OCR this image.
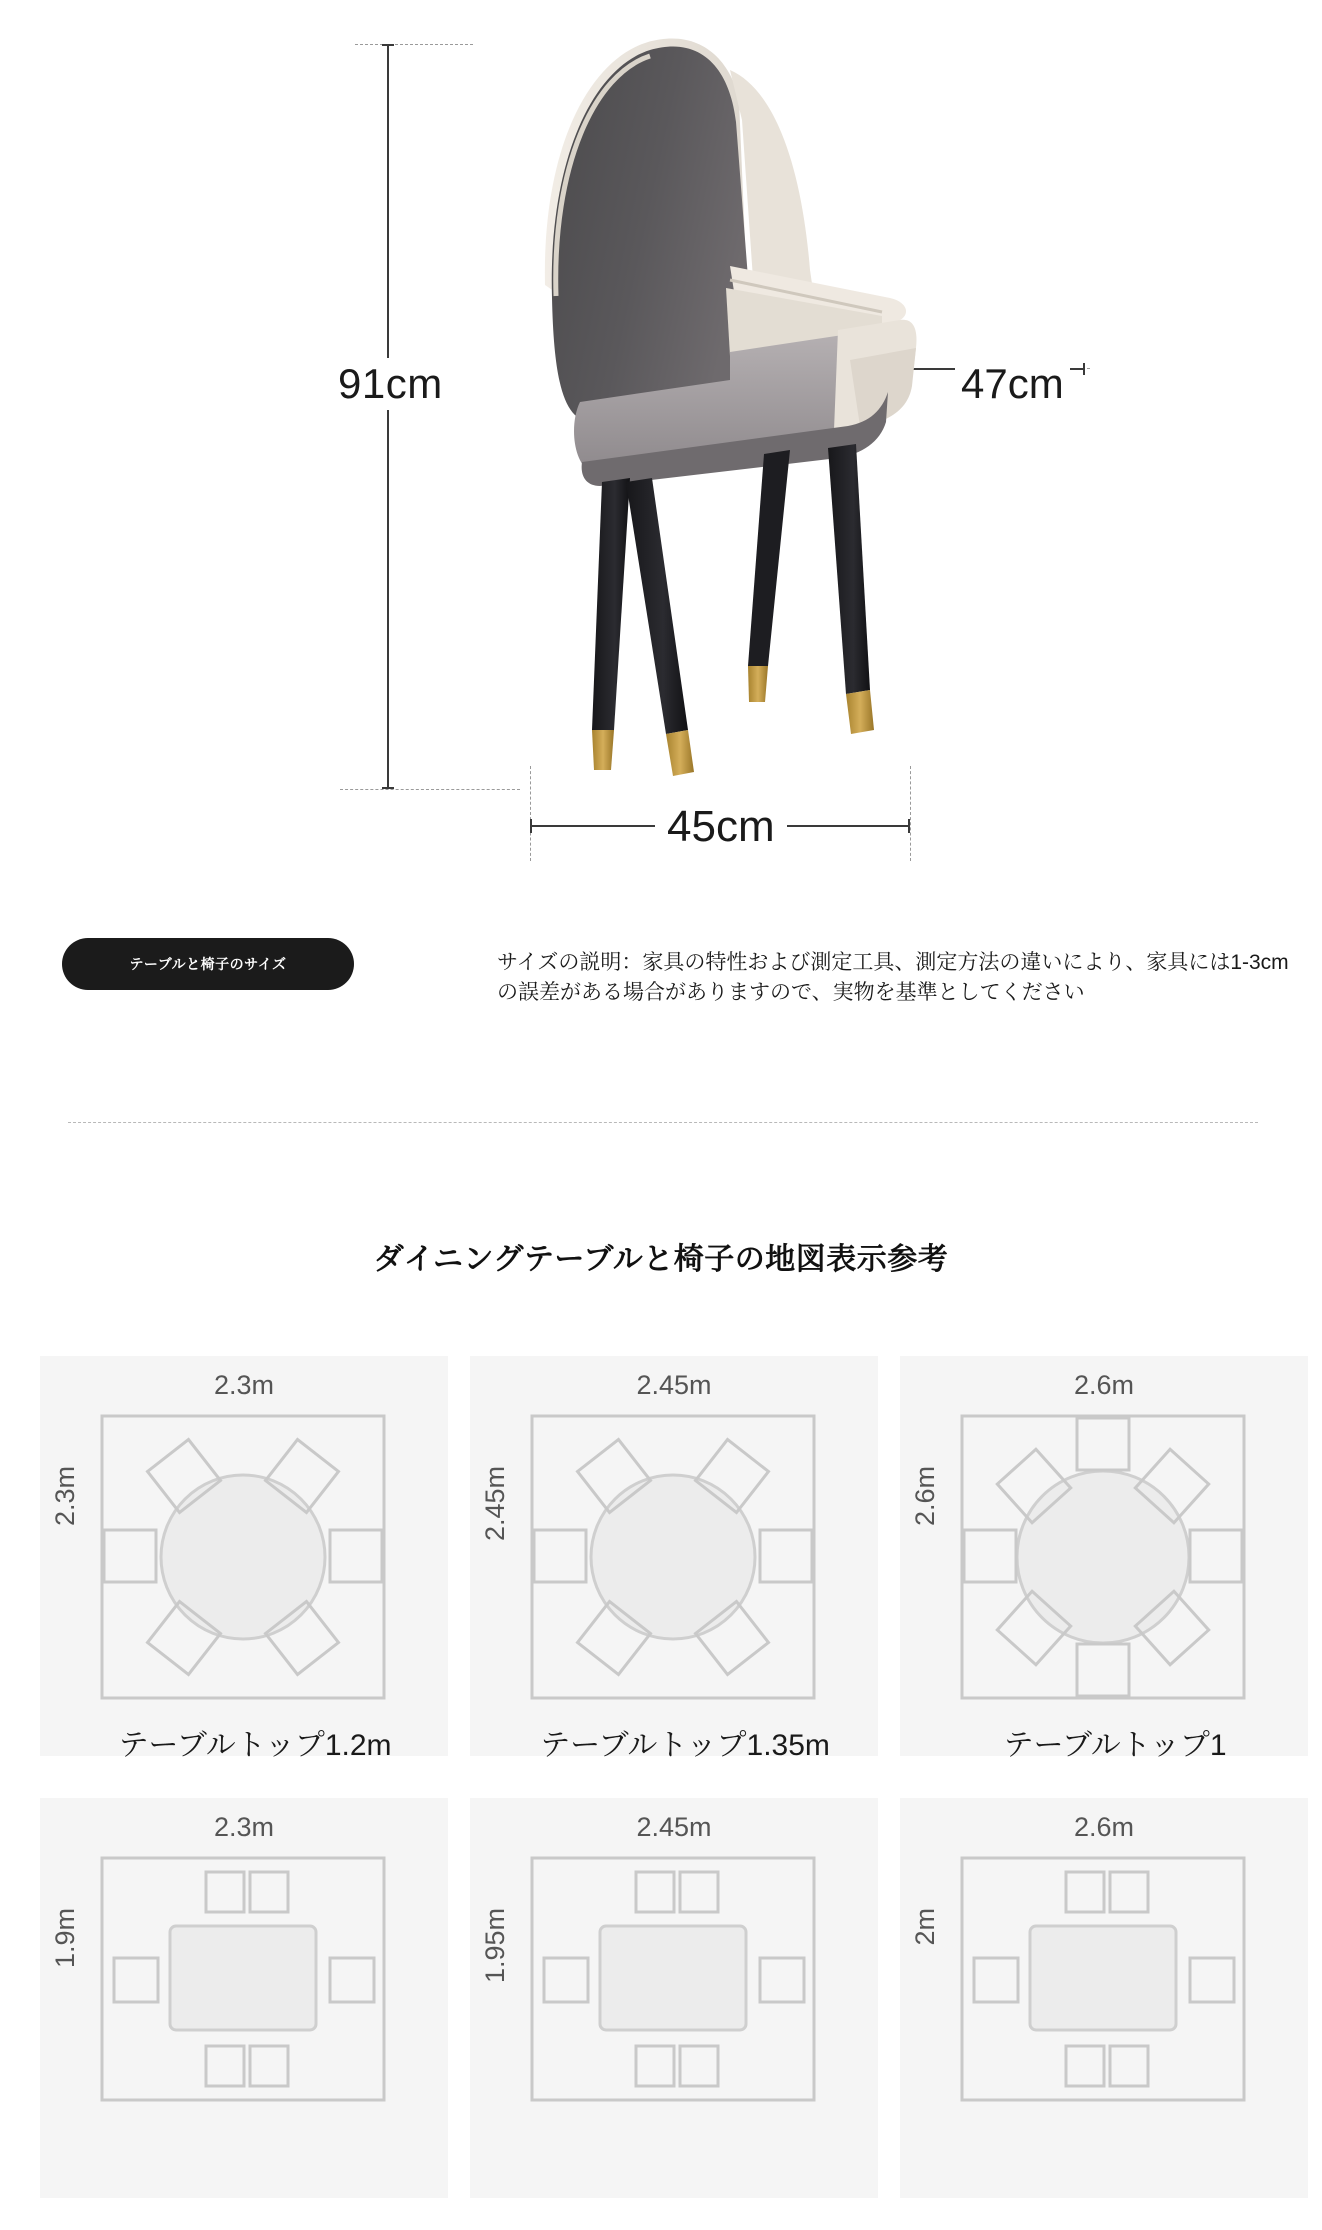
91cm	47cm
45cm
テーブルと椅子のサイズ	サイズの説明：家具の特性および測定工具、測定方法の違いにより、家具には1-3cmの誤差がある場合がありますので、実物を基準としてください
ダイニングテーブルと椅子の地図表示参考
2.3m
2.3m
テーブルトップ1.2m
2.45m
2.45m
テーブルトップ1.35m
2.6m
2.6m
テーブルトップ1
2.3m
1.9m
2.45m
1.95m
2.6m
2m
